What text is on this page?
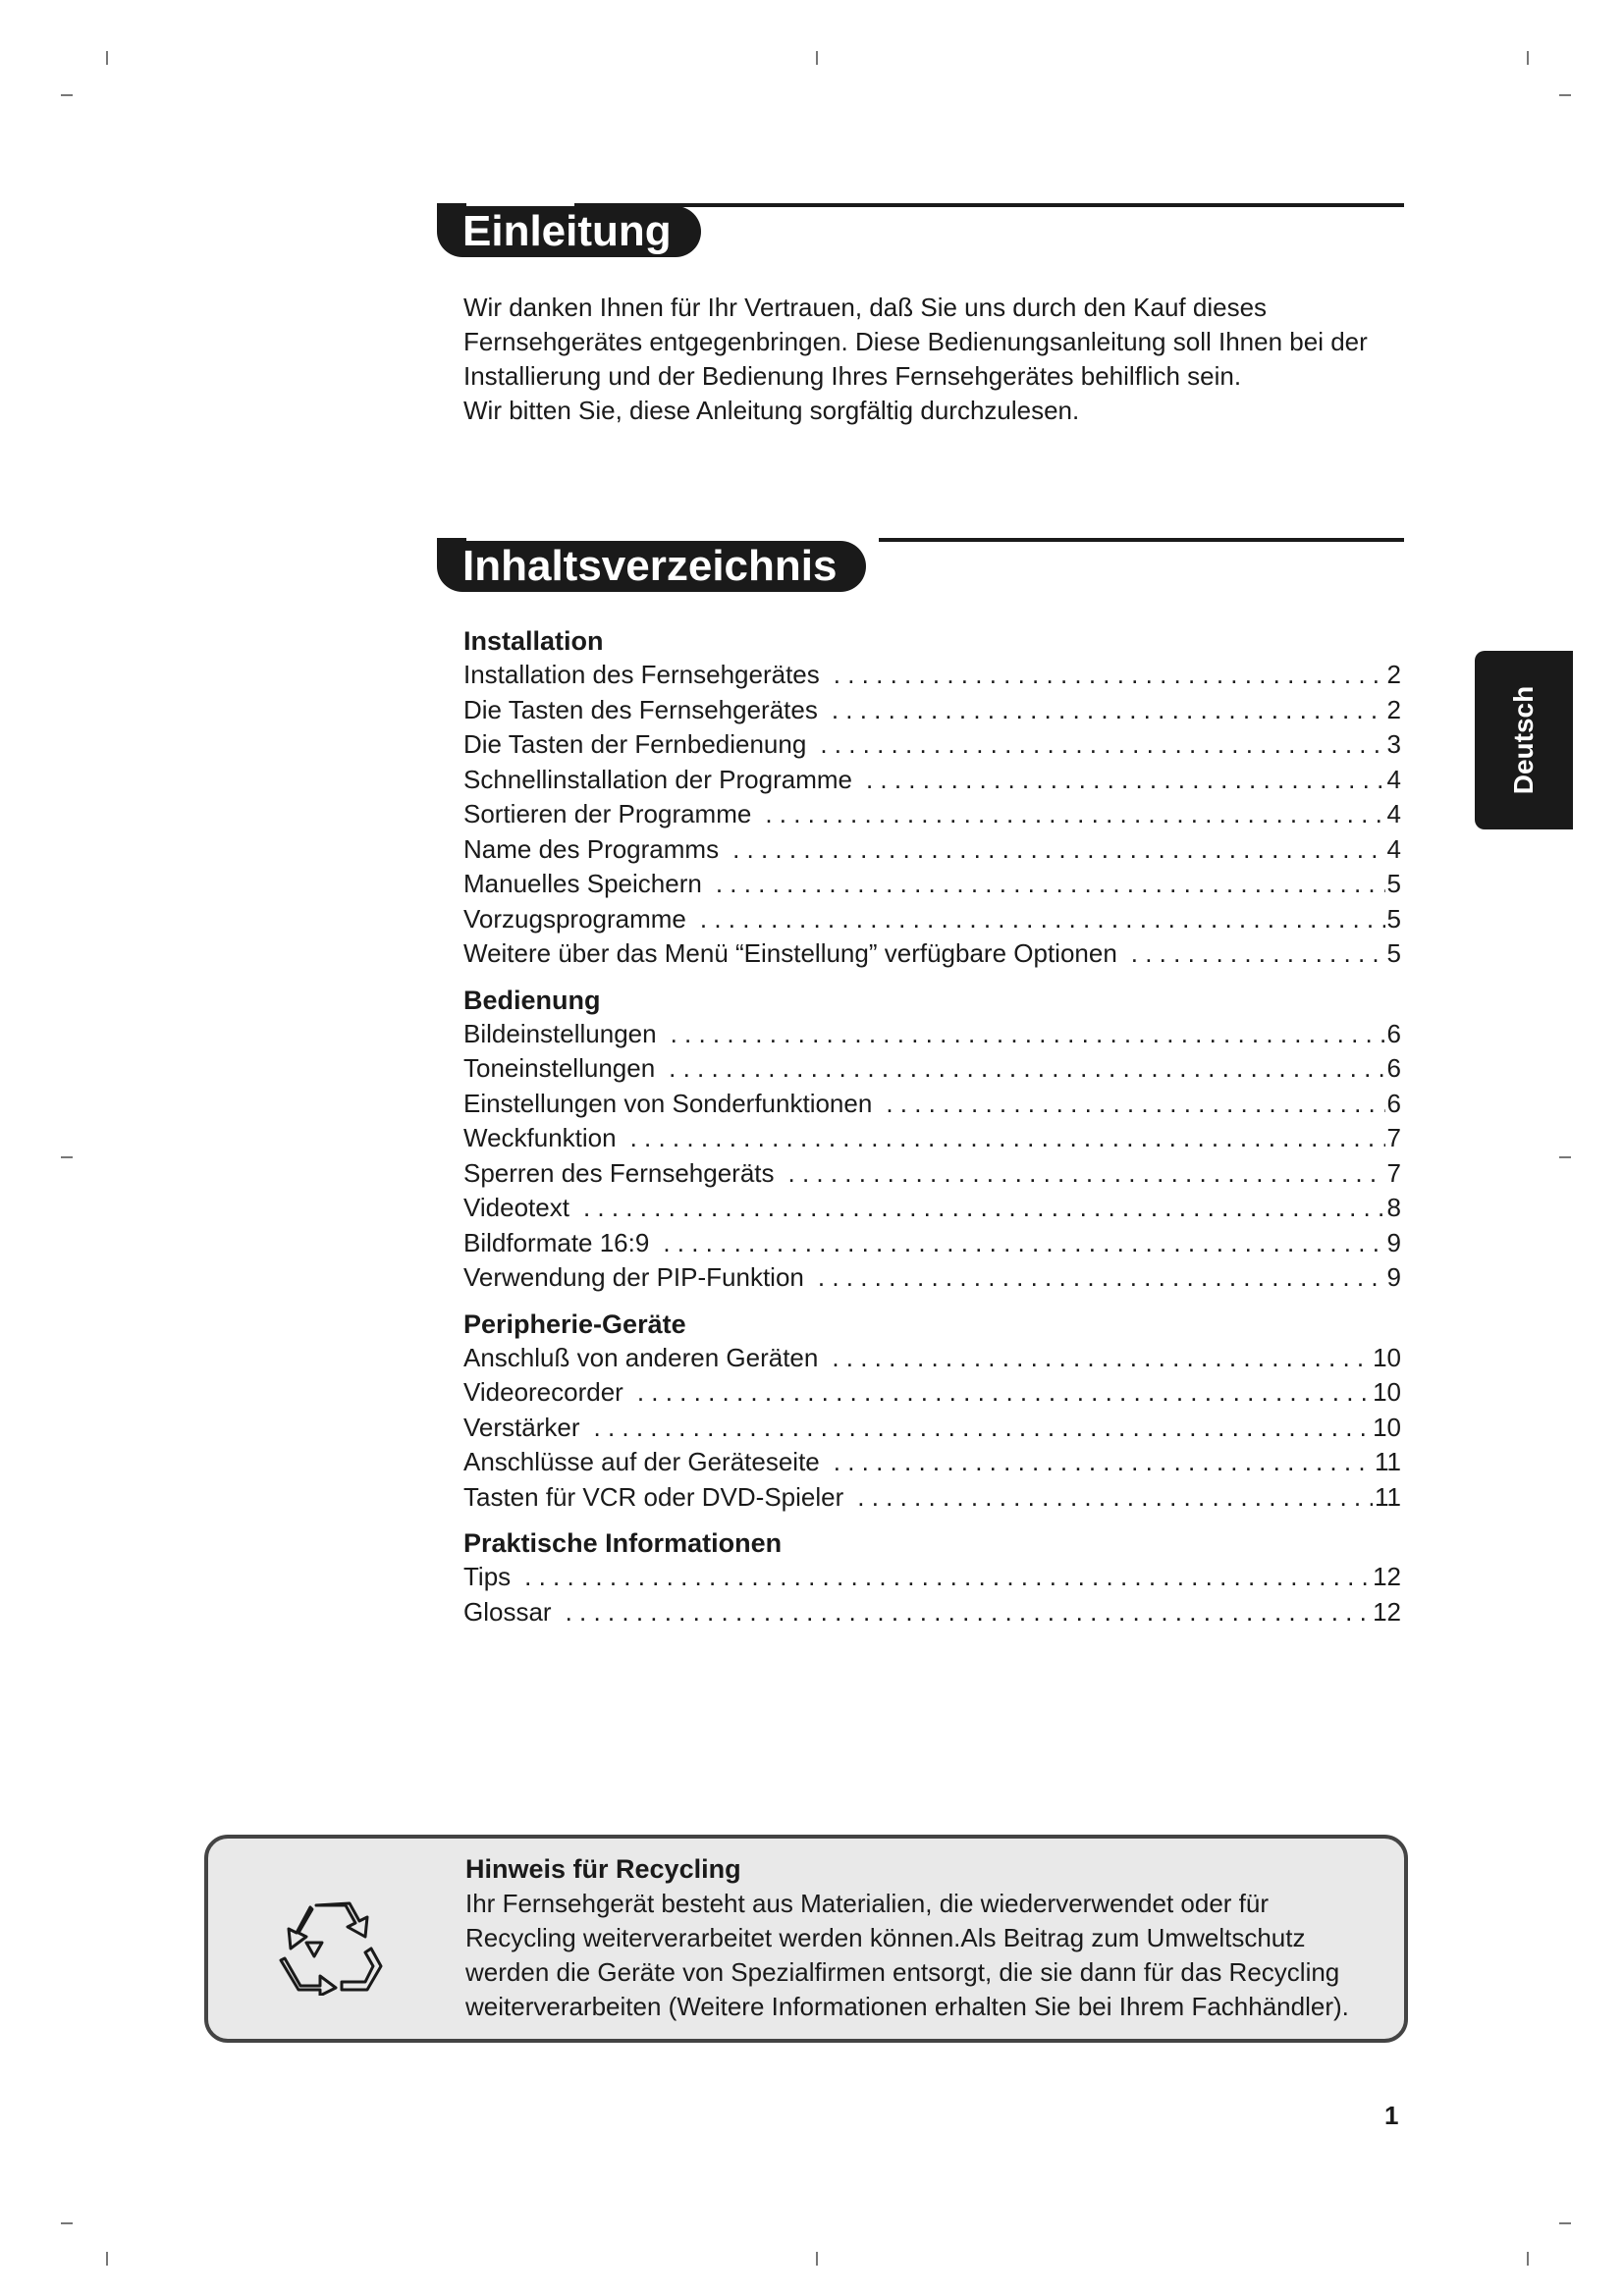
Einleitung
Wir danken Ihnen für Ihr Vertrauen, daß Sie uns durch den Kauf dieses
Fernsehgerätes entgegenbringen. Diese Bedienungsanleitung soll Ihnen bei der
Installierung und der Bedienung Ihres Fernsehgerätes behilflich sein.
Wir bitten Sie, diese Anleitung sorgfältig durchzulesen.
Inhaltsverzeichnis
Installation
Installation des Fernsehgerätes . . .	2
Die Tasten des Fernsehgerätes . . .	2
Die Tasten der Fernbedienung . . .	3
Schnellinstallation der Programme . . .	4
Sortieren der Programme . . .	4
Name des Programms . . .	4
Manuelles Speichern . . .	5
Vorzugsprogramme . . .	5
Weitere über das Menü “Einstellung” verfügbare Optionen . . .	5
Bedienung
Bildeinstellungen . . .	6
Toneinstellungen . . .	6
Einstellungen von Sonderfunktionen . . .	6
Weckfunktion . . .	7
Sperren des Fernsehgeräts . . .	7
Videotext . . .	8
Bildformate 16:9 . . .	9
Verwendung der PIP-Funktion . . .	9
Peripherie-Geräte
Anschluß von anderen Geräten . . .	10
Videorecorder . . .	10
Verstärker . . .	10
Anschlüsse auf der Geräteseite . . .	11
Tasten für VCR oder DVD-Spieler . . .	11
Praktische Informationen
Tips . . .	12
Glossar . . .	12
Deutsch
Hinweis für Recycling
Ihr Fernsehgerät besteht aus Materialien, die wiederverwendet oder für
Recycling weiterverarbeitet werden können.Als Beitrag zum Umweltschutz
werden die Geräte von Spezialfirmen entsorgt, die sie dann für das Recycling
weiterverarbeiten (Weitere Informationen erhalten Sie bei Ihrem Fachhändler).
1
